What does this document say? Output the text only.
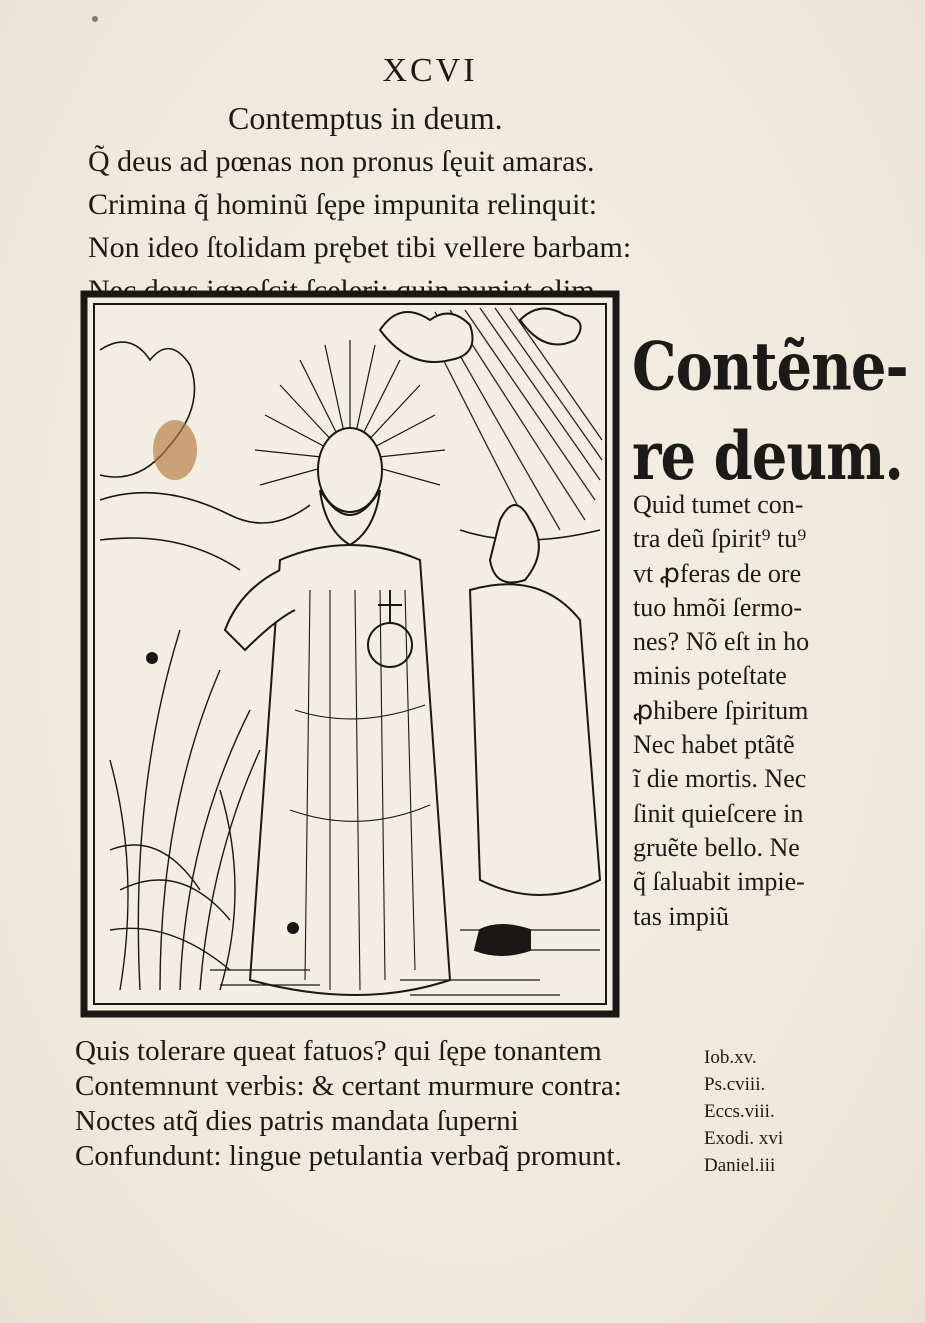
XCVI
Contemptus in deum.
Q̃ deus ad pœnas non pronus ſęuit amaras.
Crimina q̃ hominũ ſępe impunita relinquit:
Non ideo ſtolidam prębet tibi vellere barbam:
Contẽne-
re deum.
Quid tumet con-
tra deũ ſpirit⁹ tu⁹
vt ꝓferas de ore
tuo hmõi ſermo-
nes? Nõ eſt in ho
minis poteſtate
ꝓhibere ſpiritum
Nec habet ptãtẽ
ĩ die mortis. Nec
ſinit quieſcere in
gruẽte bello. Ne
q̃ ſaluabit impie-
tas impiũ
Quis tolerare queat fatuos? qui ſępe tonantem
Contemnunt verbis: & certant murmure contra:
Noctes atq̃ dies patris mandata ſuperni
Confundunt: lingue petulantia verbaq̃ promunt.
Iob.xv.
Ps.cviii.
Eccs.viii.
Exodi. xvi
Daniel.iii
